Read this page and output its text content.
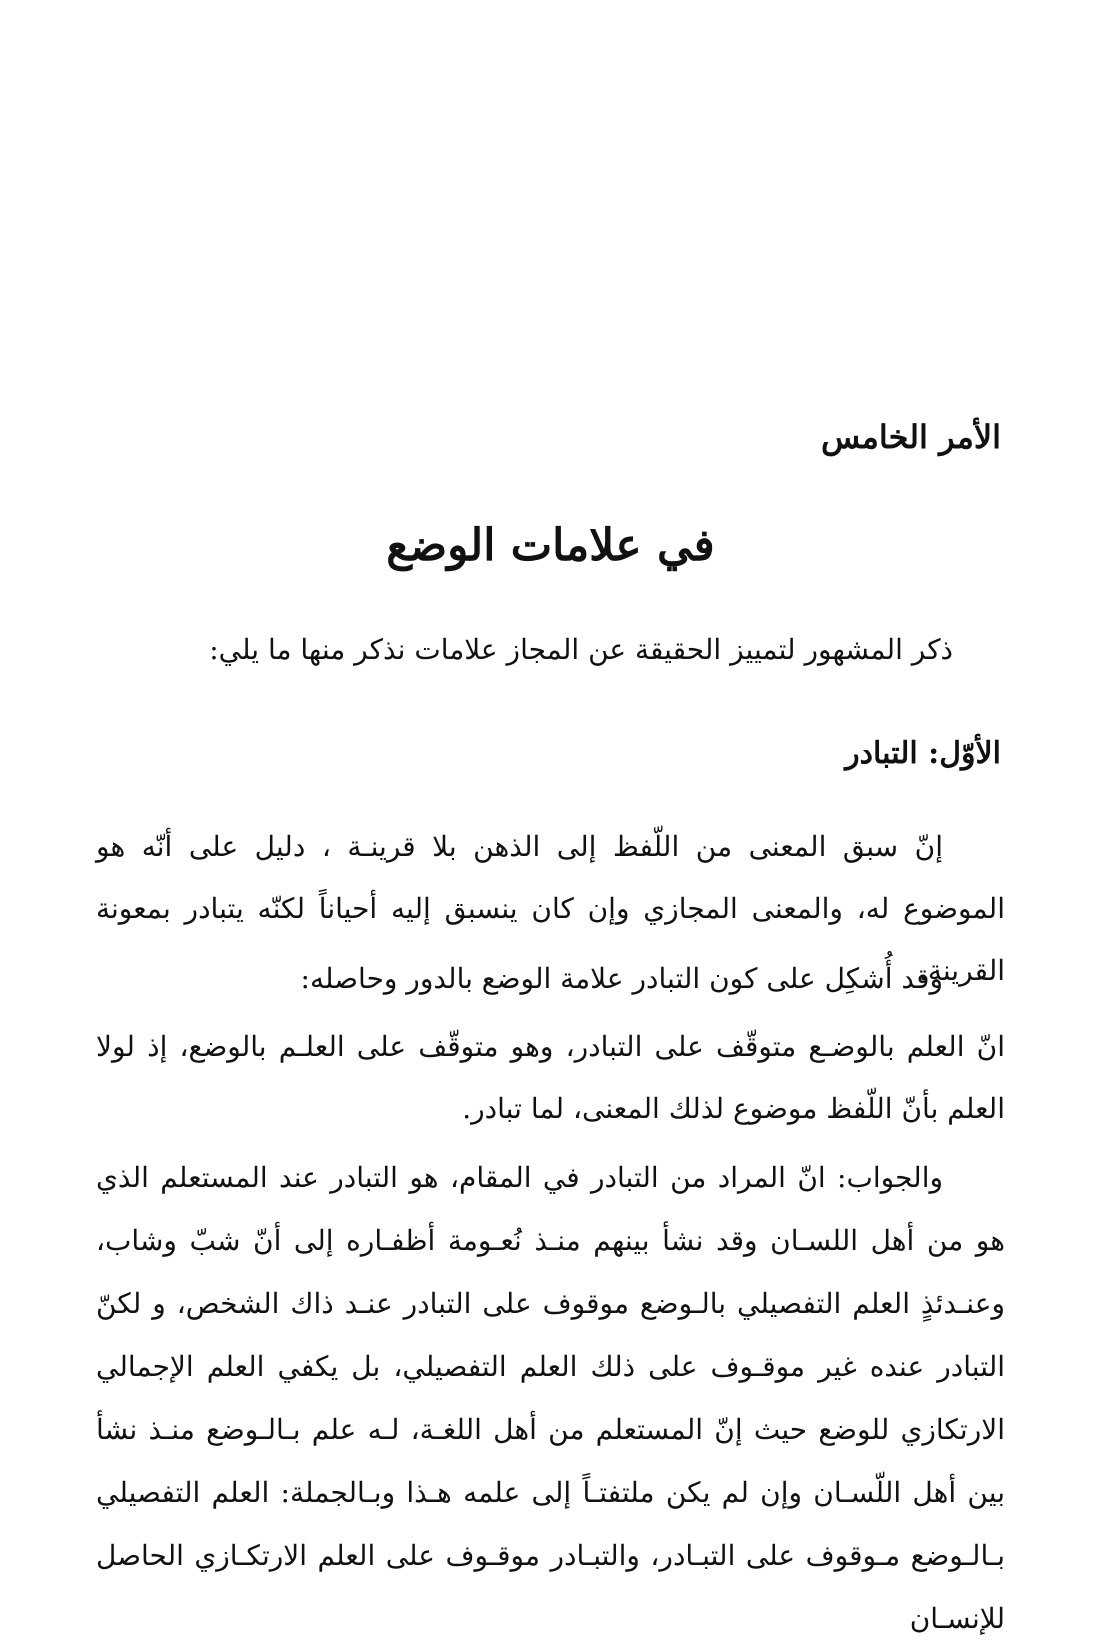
الأمر الخامس
في علامات الوضع
ذكر المشهور لتمييز الحقيقة عن المجاز علامات نذكر منها ما يلي:
الأوّل: التبادر

إنّ سبق المعنى من اللّفظ إلى الذهن بلا قرينـة ، دليل على أنّه هو الموضوع له، والمعنى المجازي وإن كان ينسبق إليه أحياناً لكنّه يتبادر بمعونة القرينة.

وقد أُشكِل على كون التبادر علامة الوضع بالدور وحاصله:

انّ العلم بالوضـع متوقّف على التبادر، وهو متوقّف على العلـم بالوضع، إذ لولا العلم بأنّ اللّفظ موضوع لذلك المعنى، لما تبادر.

والجواب: انّ المراد من التبادر في المقام، هو التبادر عند المستعلم الذي هو من أهل اللسـان وقد نشأ بينهم منـذ نُعـومة أظفـاره إلى أنّ شبّ وشاب، وعنـدئذٍ العلم التفصيلي بالـوضع موقوف على التبادر عنـد ذاك الشخص، و لكنّ التبادر عنده غير موقـوف على ذلك العلم التفصيلي، بل يكفي العلم الإجمالي الارتكازي للوضع حيث إنّ المستعلم من أهل اللغـة، لـه علم بـالـوضع منـذ نشأ بين أهل اللّسـان وإن لم يكن ملتفتـاً إلى علمه هـذا وبـالجملة: العلم التفصيلي بـالـوضع مـوقوف على التبـادر، والتبـادر موقـوف على العلم الارتكـازي الحاصل للإنسـان
